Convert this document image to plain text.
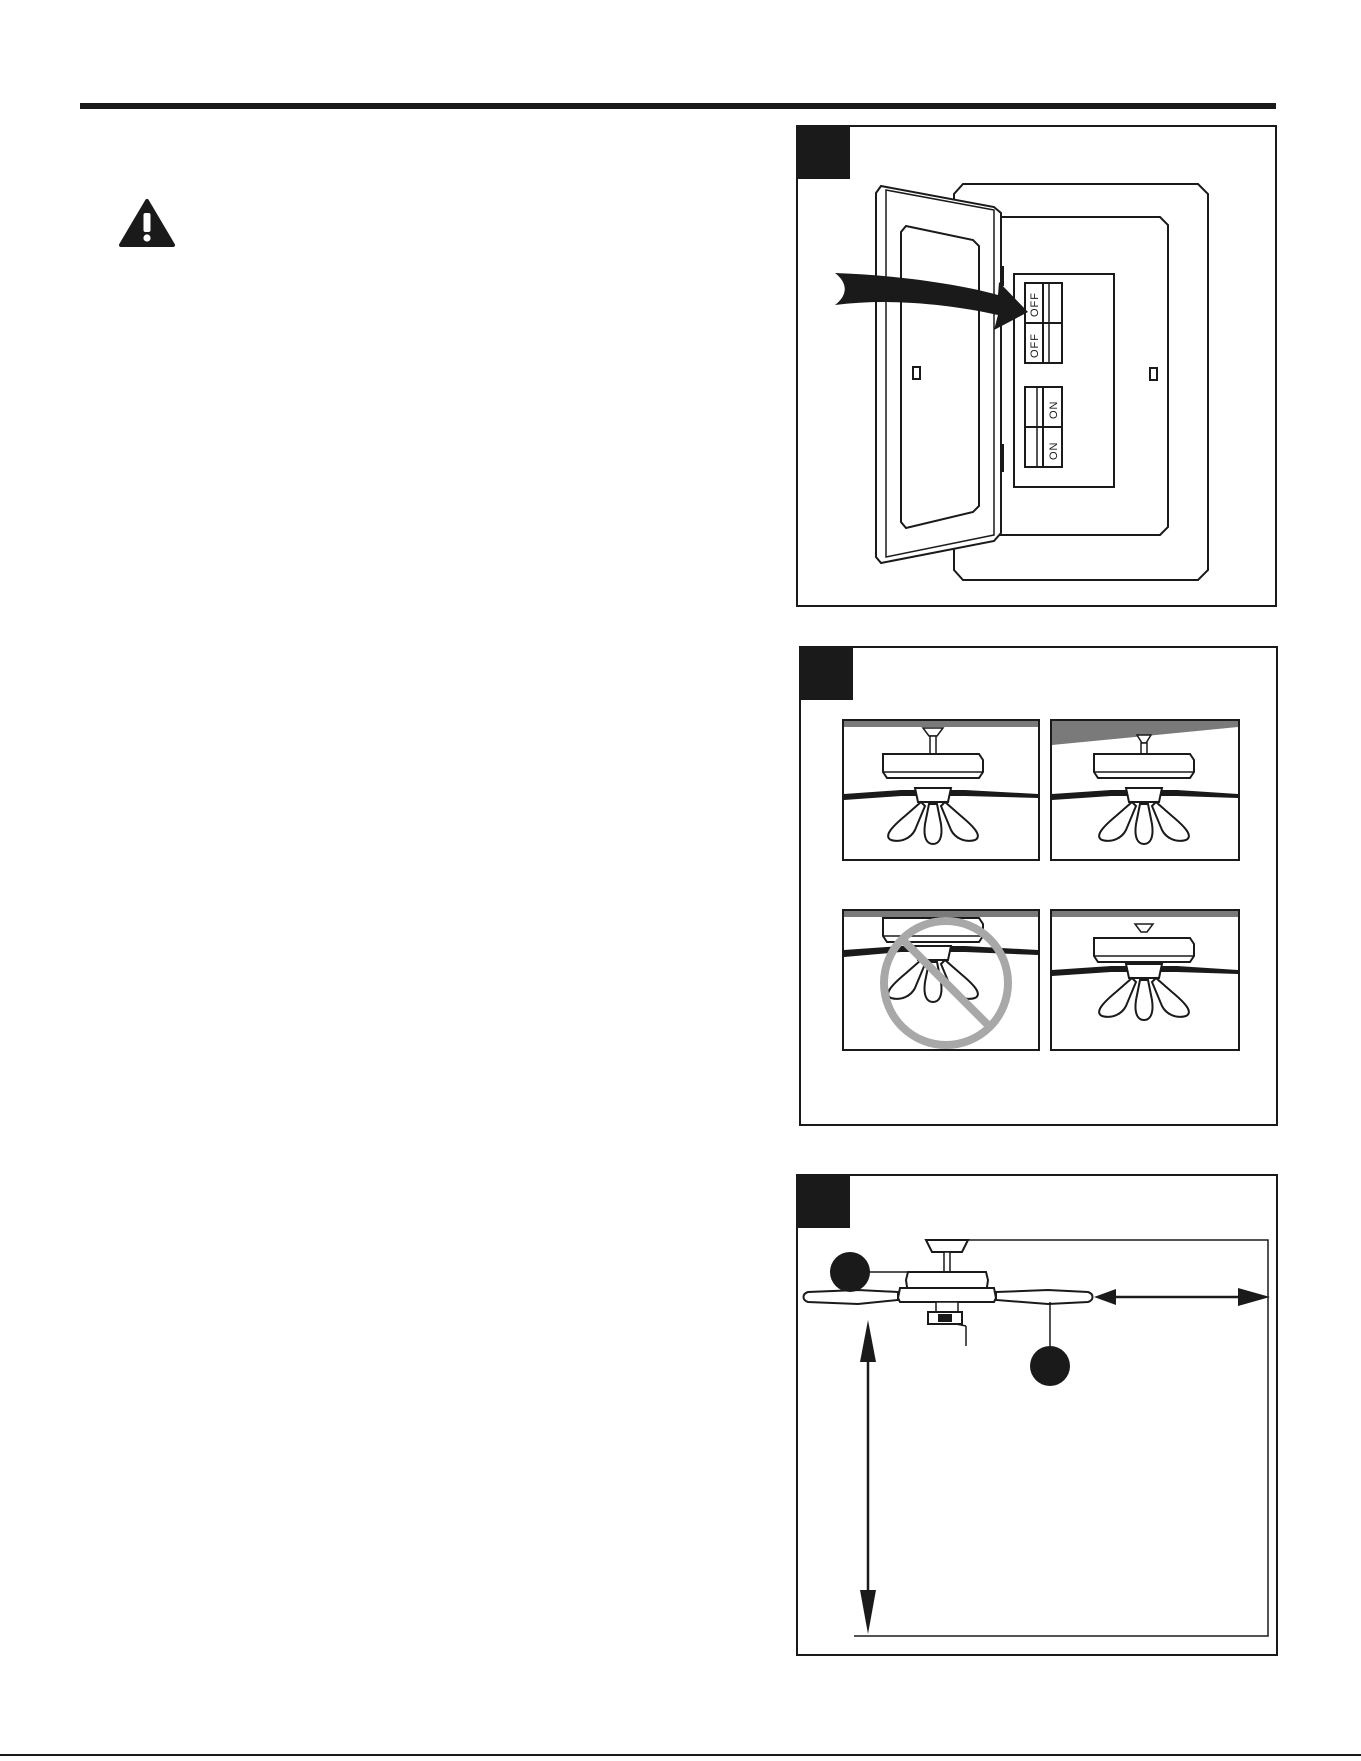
OFF
OFF
ON
ON
